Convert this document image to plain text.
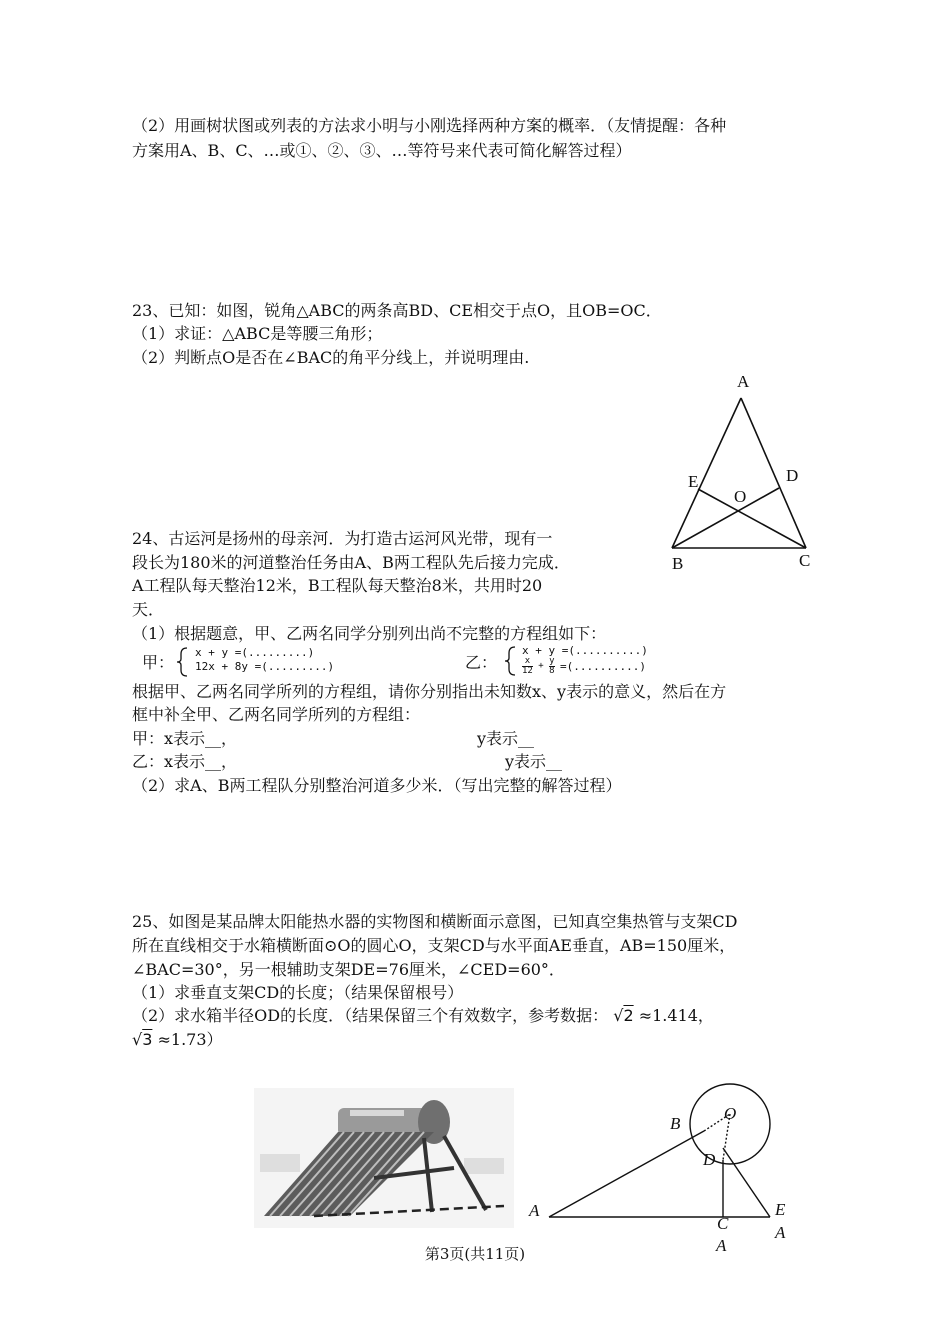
（2）用画树状图或列表的方法求小明与小刚选择两种方案的概率．（友情提醒：各种
方案用A、B、C、…或①、②、③、…等符号来代表可简化解答过程）
23、已知：如图，锐角△ABC的两条高BD、CE相交于点O，且OB=OC．
（1）求证：△ABC是等腰三角形；
（2）判断点O是否在∠BAC的角平分线上，并说明理由.
A
E	D
O
B	C
24、古运河是扬州的母亲河．为打造古运河风光带，现有一
段长为180米的河道整治任务由A、B两工程队先后接力完成．
A工程队每天整治12米，B工程队每天整治8米，共用时20
天．
（1）根据题意，甲、乙两名同学分别列出尚不完整的方程组如下：
甲：
x + y =(.........)
12x + 8y =(.........)	乙：
x + y =(..........)
$\frac{x}{12} + \frac{y}{8}$ =(..........)
根据甲、乙两名同学所列的方程组，请你分别指出未知数x、y表示的意义，然后在方
框中补全甲、乙两名同学所列的方程组：
甲：x表示__，	y表示__
乙：x表示__，	y表示__
（2）求A、B两工程队分别整治河道多少米．（写出完整的解答过程）
25、如图是某品牌太阳能热水器的实物图和横断面示意图，已知真空集热管与支架CD
所在直线相交于水箱横断面⊙O的圆心O，支架CD与水平面AE垂直，AB=150厘米，
∠BAC=30°，另一根辅助支架DE=76厘米，∠CED=60°．
（1）求垂直支架CD的长度；（结果保留根号）
（2）求水箱半径OD的长度．（结果保留三个有效数字，参考数据： √2 ≈1.414，
√3 ≈1.73）
O
B
D
A	E
C	A
A
第3页(共11页)
